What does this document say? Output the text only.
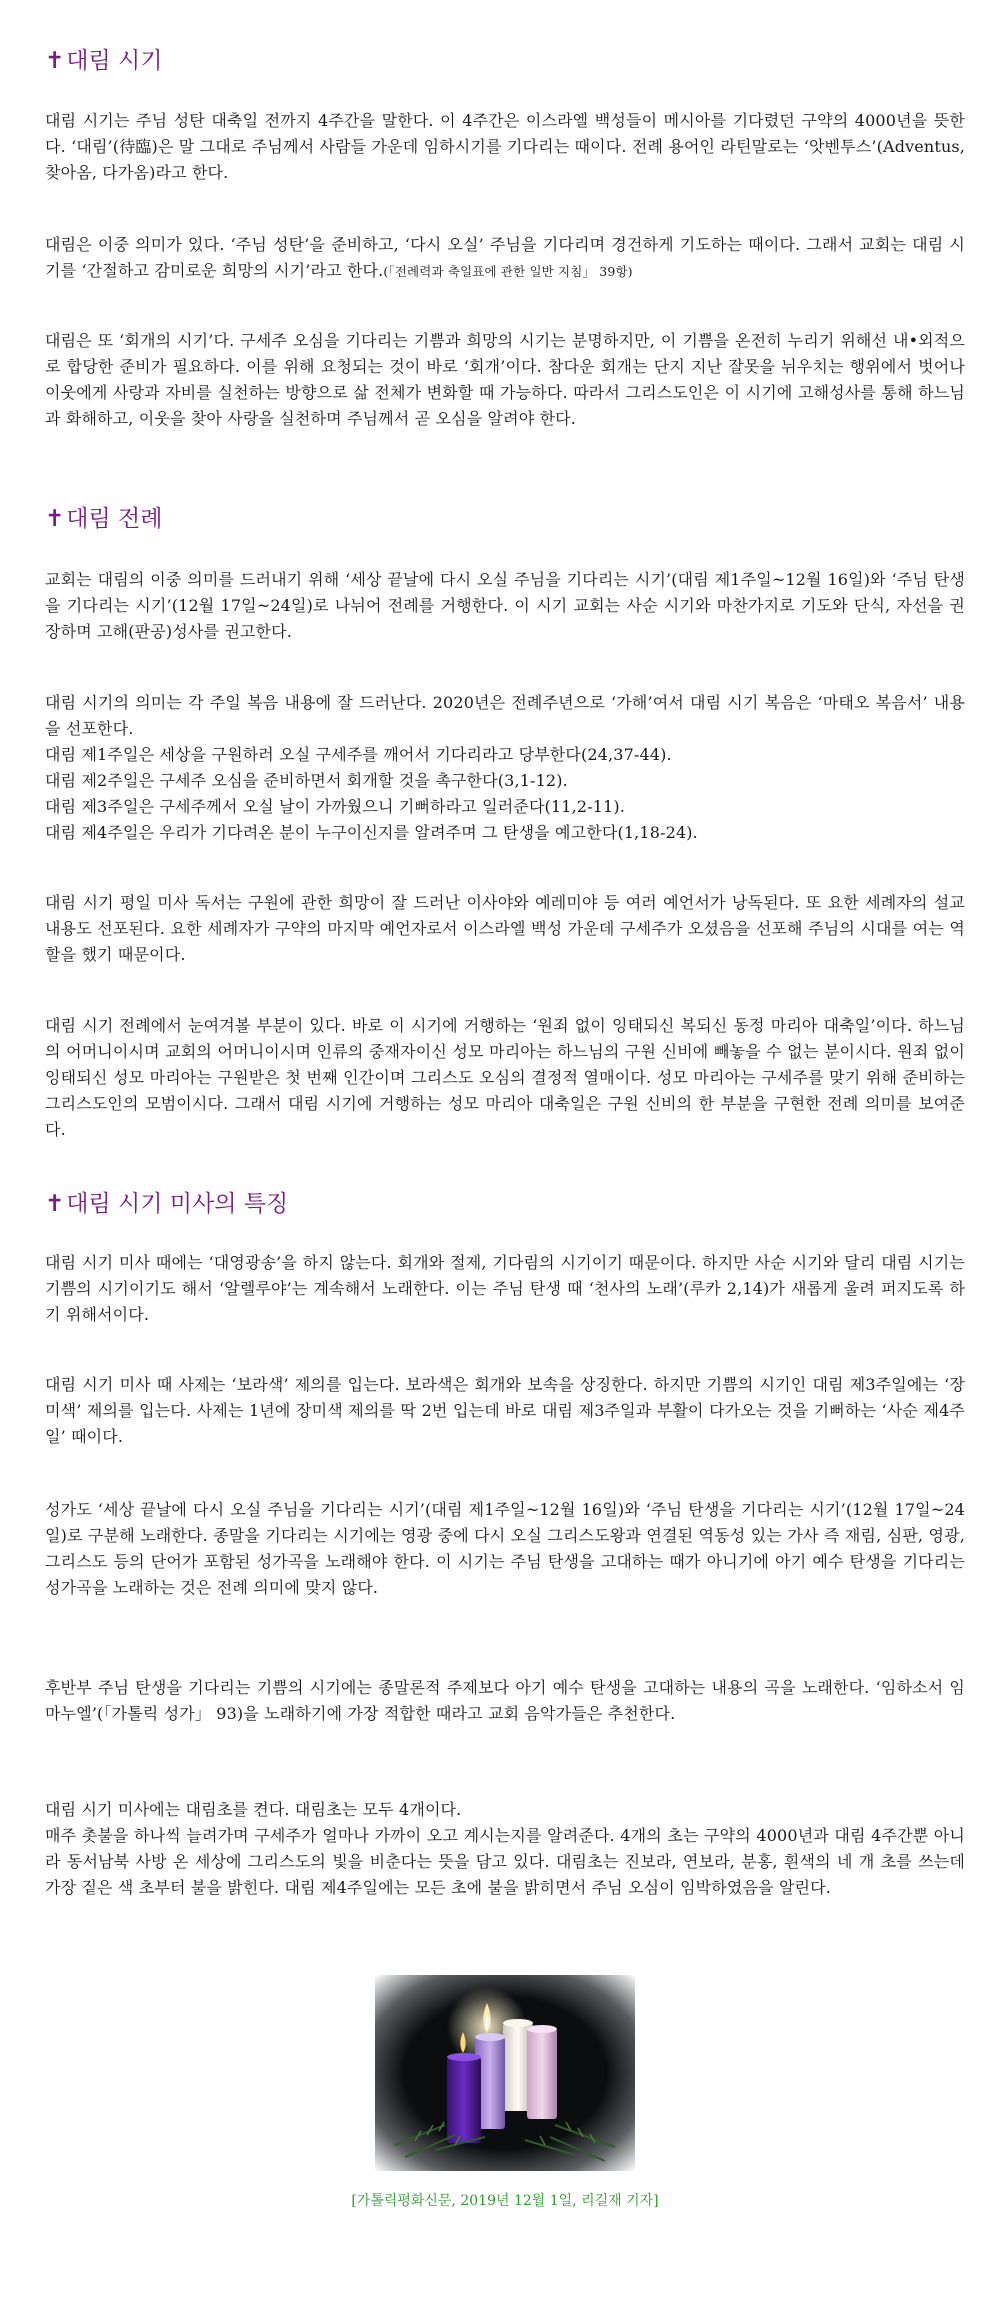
✝대림 시기

대림 시기는 주님 성탄 대축일 전까지 4주간을 말한다. 이 4주간은 이스라엘 백성들이 메시아를 기다렸던 구약의 4000년을 뜻한다. ‘대림’(待臨)은 말 그대로 주님께서 사람들 가운데 임하시기를 기다리는 때이다. 전례 용어인 라틴말로는 ‘앗벤투스’(Adventus, 찾아옴, 다가옴)라고 한다.

대림은 이중 의미가 있다. ‘주님 성탄’을 준비하고, ‘다시 오실’ 주님을 기다리며 경건하게 기도하는 때이다. 그래서 교회는 대림 시기를 ‘간절하고 감미로운 희망의 시기’라고 한다.(「전례력과 축일표에 관한 일반 지침」 39항)

대림은 또 ‘회개의 시기’다. 구세주 오심을 기다리는 기쁨과 희망의 시기는 분명하지만, 이 기쁨을 온전히 누리기 위해선 내•외적으로 합당한 준비가 필요하다. 이를 위해 요청되는 것이 바로 ‘회개’이다. 참다운 회개는 단지 지난 잘못을 뉘우치는 행위에서 벗어나 이웃에게 사랑과 자비를 실천하는 방향으로 삶 전체가 변화할 때 가능하다. 따라서 그리스도인은 이 시기에 고해성사를 통해 하느님과 화해하고, 이웃을 찾아 사랑을 실천하며 주님께서 곧 오심을 알려야 한다.

✝대림 전례

교회는 대림의 이중 의미를 드러내기 위해 ‘세상 끝날에 다시 오실 주님을 기다리는 시기’(대림 제1주일~12월 16일)와 ‘주님 탄생을 기다리는 시기’(12월 17일~24일)로 나뉘어 전례를 거행한다. 이 시기 교회는 사순 시기와 마찬가지로 기도와 단식, 자선을 권장하며 고해(판공)성사를 권고한다.

대림 시기의 의미는 각 주일 복음 내용에 잘 드러난다. 2020년은 전례주년으로 ‘가해’여서 대림 시기 복음은 ‘마태오 복음서’ 내용을 선포한다.
대림 제1주일은 세상을 구원하러 오실 구세주를 깨어서 기다리라고 당부한다(24,37-44).
대림 제2주일은 구세주 오심을 준비하면서 회개할 것을 촉구한다(3,1-12).
대림 제3주일은 구세주께서 오실 날이 가까웠으니 기뻐하라고 일러준다(11,2-11).
대림 제4주일은 우리가 기다려온 분이 누구이신지를 알려주며 그 탄생을 예고한다(1,18-24).

대림 시기 평일 미사 독서는 구원에 관한 희망이 잘 드러난 이사야와 예레미야 등 여러 예언서가 낭독된다. 또 요한 세례자의 설교 내용도 선포된다. 요한 세례자가 구약의 마지막 예언자로서 이스라엘 백성 가운데 구세주가 오셨음을 선포해 주님의 시대를 여는 역할을 했기 때문이다.

대림 시기 전례에서 눈여겨볼 부분이 있다. 바로 이 시기에 거행하는 ‘원죄 없이 잉태되신 복되신 동정 마리아 대축일’이다. 하느님의 어머니이시며 교회의 어머니이시며 인류의 중재자이신 성모 마리아는 하느님의 구원 신비에 빼놓을 수 없는 분이시다. 원죄 없이 잉태되신 성모 마리아는 구원받은 첫 번째 인간이며 그리스도 오심의 결정적 열매이다. 성모 마리아는 구세주를 맞기 위해 준비하는 그리스도인의 모범이시다. 그래서 대림 시기에 거행하는 성모 마리아 대축일은 구원 신비의 한 부분을 구현한 전례 의미를 보여준다.

✝대림 시기 미사의 특징

대림 시기 미사 때에는 ‘대영광송’을 하지 않는다. 회개와 절제, 기다림의 시기이기 때문이다. 하지만 사순 시기와 달리 대림 시기는 기쁨의 시기이기도 해서 ‘알렐루야’는 계속해서 노래한다. 이는 주님 탄생 때 ‘천사의 노래’(루카 2,14)가 새롭게 울려 퍼지도록 하기 위해서이다.

대림 시기 미사 때 사제는 ‘보라색’ 제의를 입는다. 보라색은 회개와 보속을 상징한다. 하지만 기쁨의 시기인 대림 제3주일에는 ‘장미색’ 제의를 입는다. 사제는 1년에 장미색 제의를 딱 2번 입는데 바로 대림 제3주일과 부활이 다가오는 것을 기뻐하는 ‘사순 제4주일’ 때이다.

성가도 ‘세상 끝날에 다시 오실 주님을 기다리는 시기’(대림 제1주일~12월 16일)와 ‘주님 탄생을 기다리는 시기’(12월 17일~24일)로 구분해 노래한다. 종말을 기다리는 시기에는 영광 중에 다시 오실 그리스도왕과 연결된 역동성 있는 가사 즉 재림, 심판, 영광, 그리스도 등의 단어가 포함된 성가곡을 노래해야 한다. 이 시기는 주님 탄생을 고대하는 때가 아니기에 아기 예수 탄생을 기다리는 성가곡을 노래하는 것은 전례 의미에 맞지 않다.

후반부 주님 탄생을 기다리는 기쁨의 시기에는 종말론적 주제보다 아기 예수 탄생을 고대하는 내용의 곡을 노래한다. ‘임하소서 임마누엘’(「가톨릭 성가」 93)을 노래하기에 가장 적합한 때라고 교회 음악가들은 추천한다.

대림 시기 미사에는 대림초를 켠다. 대림초는 모두 4개이다.
매주 촛불을 하나씩 늘려가며 구세주가 얼마나 가까이 오고 계시는지를 알려준다. 4개의 초는 구약의 4000년과 대림 4주간뿐 아니라 동서남북 사방 온 세상에 그리스도의 빛을 비춘다는 뜻을 담고 있다. 대림초는 진보라, 연보라, 분홍, 흰색의 네 개 초를 쓰는데 가장 짙은 색 초부터 불을 밝힌다. 대림 제4주일에는 모든 초에 불을 밝히면서 주님 오심이 임박하였음을 알린다.

[가톨릭평화신문, 2019년 12월 1일, 리길재 기자]
